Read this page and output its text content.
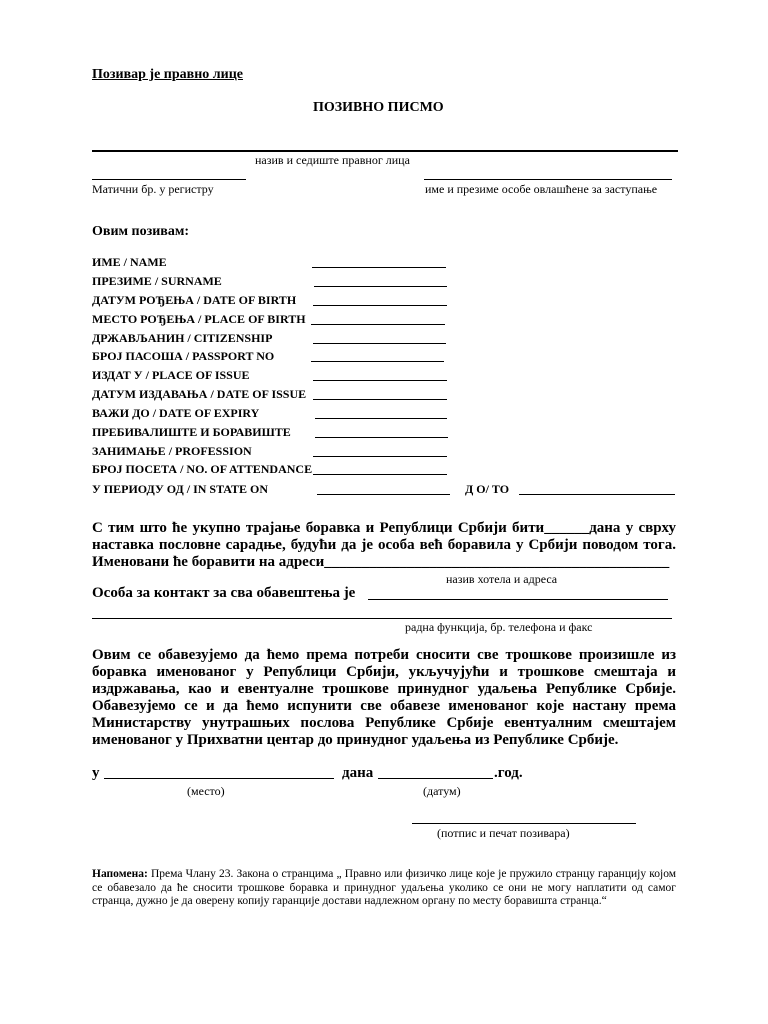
Позивар је правно лице
ПОЗИВНО ПИСМО
назив и седиште правног лица
Матични бр. у регистру	име и презиме особе овлашћене за заступање
Овим позивам:
ИМЕ / NAME
ПРЕЗИМЕ / SURNAME
ДАТУМ РОЂЕЊА / DATE OF BIRTH
МЕСТО РОЂЕЊА / PLACE OF BIRTH
ДРЖАВЉАНИН / CITIZENSHIP
БРОЈ ПАСОША / PASSPORT NO
ИЗДАТ У / PLACE OF ISSUE
ДАТУМ ИЗДАВАЊА / DATE OF ISSUE
ВАЖИ ДО / DATE OF EXPIRY
ПРЕБИВАЛИШТЕ И БОРАВИШТЕ
ЗАНИМАЊЕ / PROFESSION
БРОЈ ПОСЕТА / NO. OF ATTENDANCE
У ПЕРИОДУ ОД / IN STATE ON	Д О/ ТО
С тим што ће укупно трајање боравка и Републици Србији бити______дана у сврху наставка пословне сарадње, будући да је особа већ боравила у Србији поводом тога. Именовани ће боравити на адреси______________________________________________
назив хотела и адреса
Особа за контакт за сва обавештења је
радна функција, бр. телефона и факс
Овим се обавезујемо да ћемо према потреби сносити све трошкове произишле из боравка именованог у Републици Србији, укључујући и трошкове смештаја и издржавања, као и евентуалне трошкове принудног удаљења Републике Србије. Обавезујемо се и да ћемо испунити све обавезе именованог које настану према Министарству унутрашњих послова Републике Србије евентуалним смештајем именованог у Прихватни центар до принудног удаљења из Републике Србије.
у	дана	.год.
(место)	(датум)
(потпис и печат позивара)
Напомена: Према Члану 23. Закона о странцима „ Правно или физичко лице које је пружило странцу гаранцију којом се обавезало да ће сносити трошкове боравка и принудног удаљења уколико се они не могу наплатити од самог странца, дужно је да оверену копију гаранције достави надлежном органу по месту боравишта странца.“
